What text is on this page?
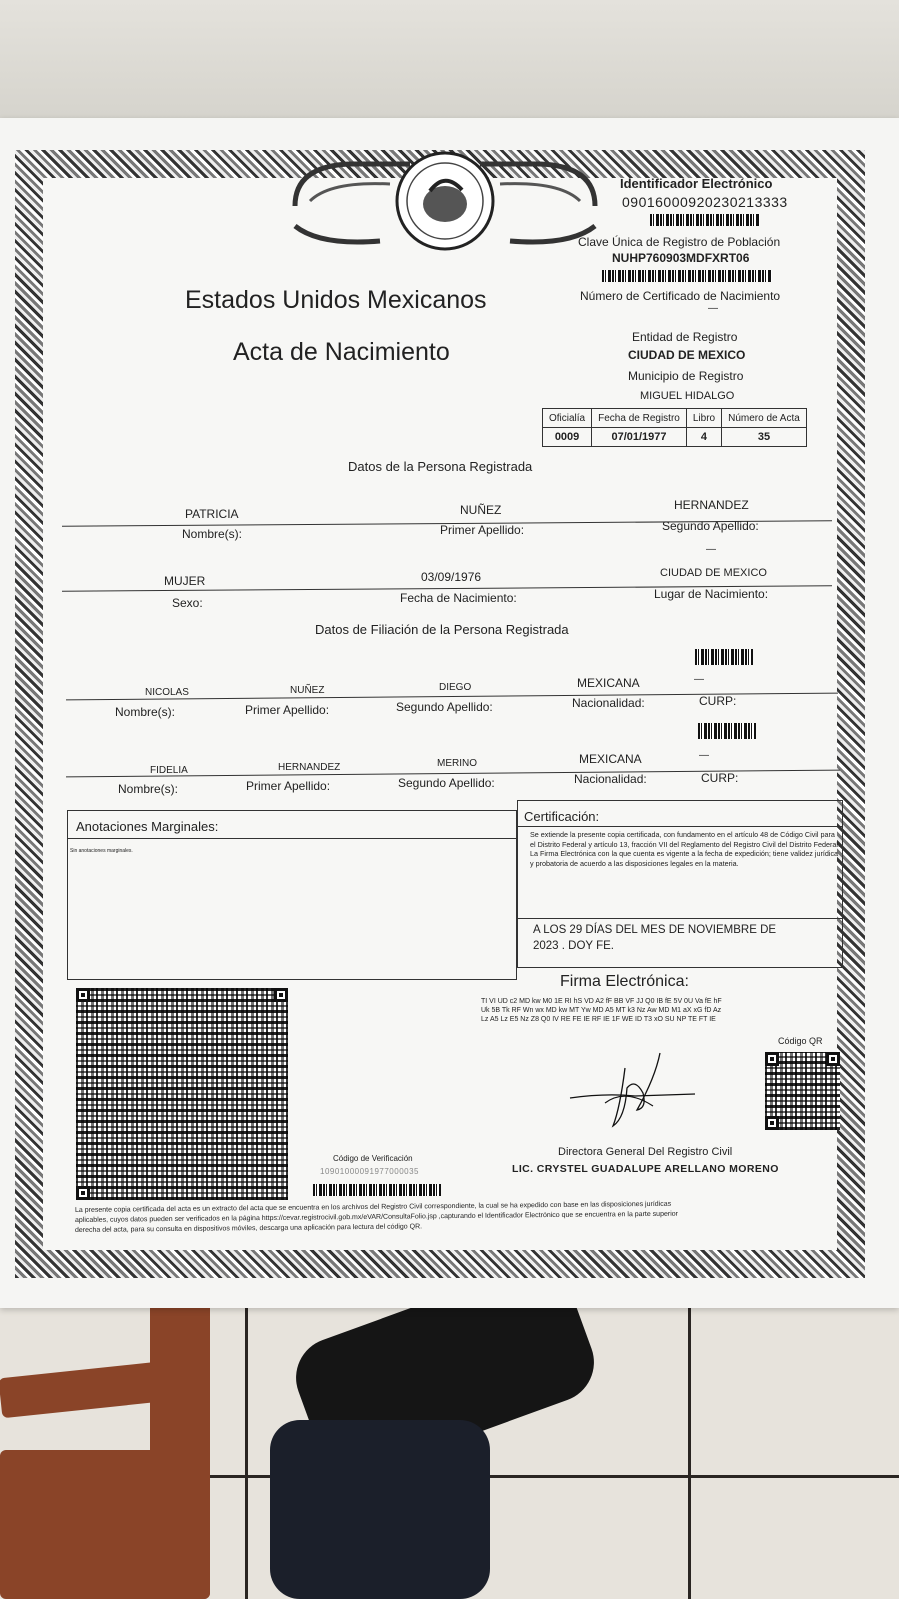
Identificador Electrónico
09016000920230213333
Clave Única de Registro de Población
NUHP760903MDFXRT06
Número de Certificado de Nacimiento
—
Entidad de Registro
CIUDAD DE MEXICO
Municipio de Registro
MIGUEL HIDALGO
Estados Unidos Mexicanos
Acta de Nacimiento
Oficialía	Fecha de Registro	Libro	Número de Acta
0009	07/01/1977	4	35
Datos de la Persona Registrada
PATRICIA	NUÑEZ	HERNANDEZ
Nombre(s):	Primer Apellido:	Segundo Apellido:
—
MUJER	03/09/1976	CIUDAD DE MEXICO
Sexo:	Fecha de Nacimiento:	Lugar de Nacimiento:
Datos de Filiación de la Persona Registrada
NICOLAS	NUÑEZ	DIEGO	MEXICANA	—
Nombre(s):	Primer Apellido:	Segundo Apellido:	Nacionalidad:	CURP:
FIDELIA	HERNANDEZ	MERINO	MEXICANA	—
Nombre(s):	Primer Apellido:	Segundo Apellido:	Nacionalidad:	CURP:
Anotaciones Marginales:
Sin anotaciones marginales.
Certificación:
Se extiende la presente copia certificada, con fundamento en el artículo 48 de Código Civil para el Distrito Federal y artículo 13, fracción VII del Reglamento del Registro Civil del Distrito Federal. La Firma Electrónica con la que cuenta es vigente a la fecha de expedición; tiene validez jurídica y probatoria de acuerdo a las disposiciones legales en la materia.
A LOS 29 DÍAS DEL MES DE NOVIEMBRE DE
2023 . DOY FE.
Firma Electrónica:
TI VI UD c2 MD kw M0 1E RI hS VD A2 fF BB VF JJ Q0 IB fE 5V 0U Va fE hF
Uk 5B Tk RF Wn wx MD kw MT Yw MD A5 MT k3 Nz Aw MD M1 aX xG fD Az
Lz A5 Lz E5 Nz Z8 Q0 IV RE FE IE RF IE 1F WE ID T3 xO SU NP TE FT IE
Código QR
Directora General Del Registro Civil
LIC. CRYSTEL GUADALUPE ARELLANO MORENO
Código de Verificación
10901000091977000035
La presente copia certificada del acta es un extracto del acta que se encuentra en los archivos del Registro Civil correspondiente, la cual se ha expedido con base en las disposiciones jurídicas
aplicables, cuyos datos pueden ser verificados en la página https://cevar.registrocivil.gob.mx/eVAR/ConsultaFolio.jsp ,capturando el Identificador Electrónico que se encuentra en la parte superior
derecha del acta, para su consulta en dispositivos móviles, descarga una aplicación para lectura del código QR.
